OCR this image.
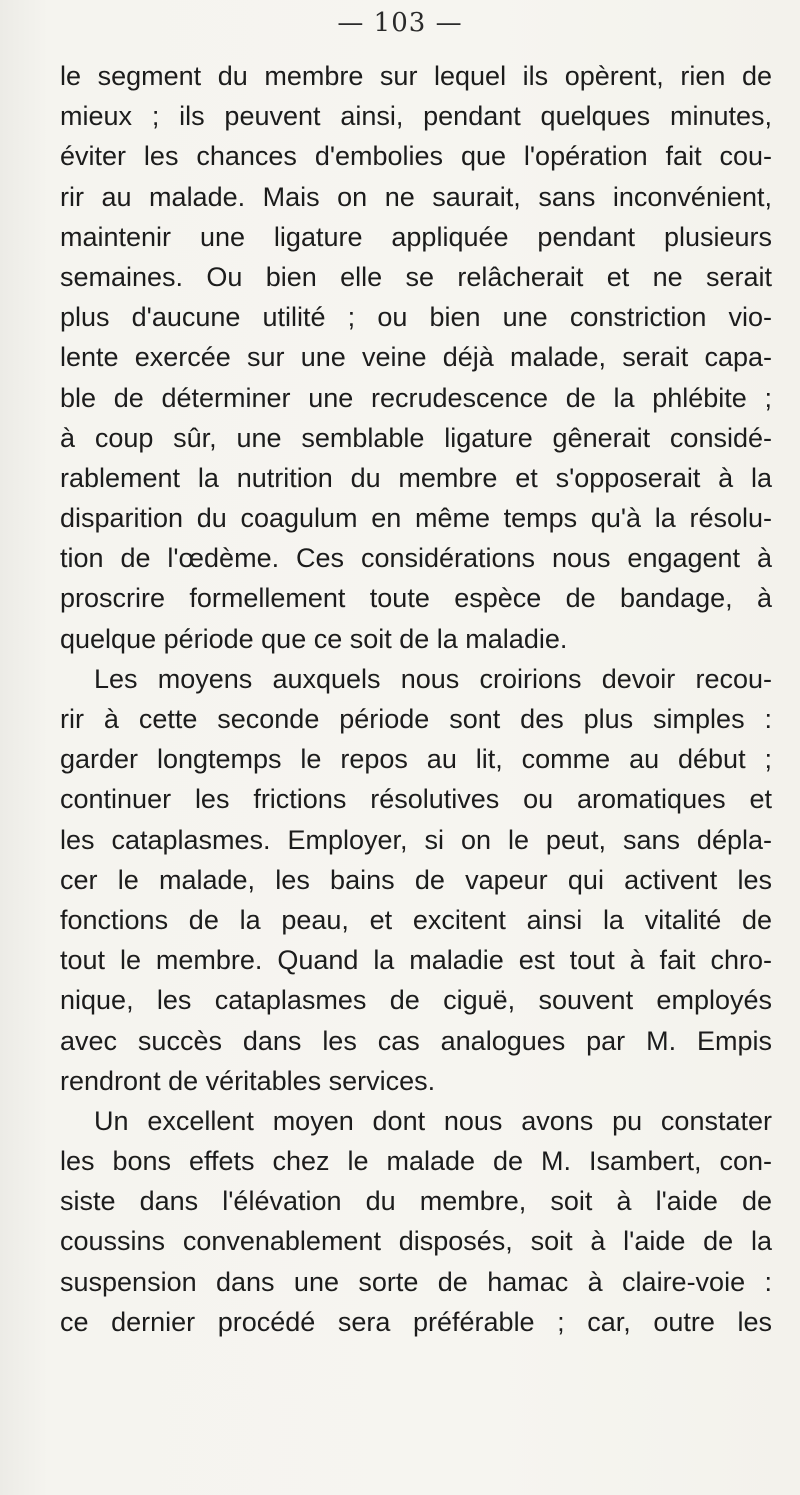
— 103 —
le segment du membre sur lequel ils opèrent, rien de
mieux ; ils peuvent ainsi, pendant quelques minutes,
éviter les chances d'embolies que l'opération fait cou-
rir au malade. Mais on ne saurait, sans inconvénient,
maintenir une ligature appliquée pendant plusieurs
semaines. Ou bien elle se relâcherait et ne serait
plus d'aucune utilité ; ou bien une constriction vio-
lente exercée sur une veine déjà malade, serait capa-
ble de déterminer une recrudescence de la phlébite ;
à coup sûr, une semblable ligature gênerait considé-
rablement la nutrition du membre et s'opposerait à la
disparition du coagulum en même temps qu'à la résolu-
tion de l'œdème. Ces considérations nous engagent à
proscrire formellement toute espèce de bandage, à
quelque période que ce soit de la maladie.
Les moyens auxquels nous croirions devoir recou-
rir à cette seconde période sont des plus simples :
garder longtemps le repos au lit, comme au début ;
continuer les frictions résolutives ou aromatiques et
les cataplasmes. Employer, si on le peut, sans dépla-
cer le malade, les bains de vapeur qui activent les
fonctions de la peau, et excitent ainsi la vitalité de
tout le membre. Quand la maladie est tout à fait chro-
nique, les cataplasmes de ciguë, souvent employés
avec succès dans les cas analogues par M. Empis
rendront de véritables services.
Un excellent moyen dont nous avons pu constater
les bons effets chez le malade de M. Isambert, con-
siste dans l'élévation du membre, soit à l'aide de
coussins convenablement disposés, soit à l'aide de la
suspension dans une sorte de hamac à claire-voie :
ce dernier procédé sera préférable ; car, outre les
